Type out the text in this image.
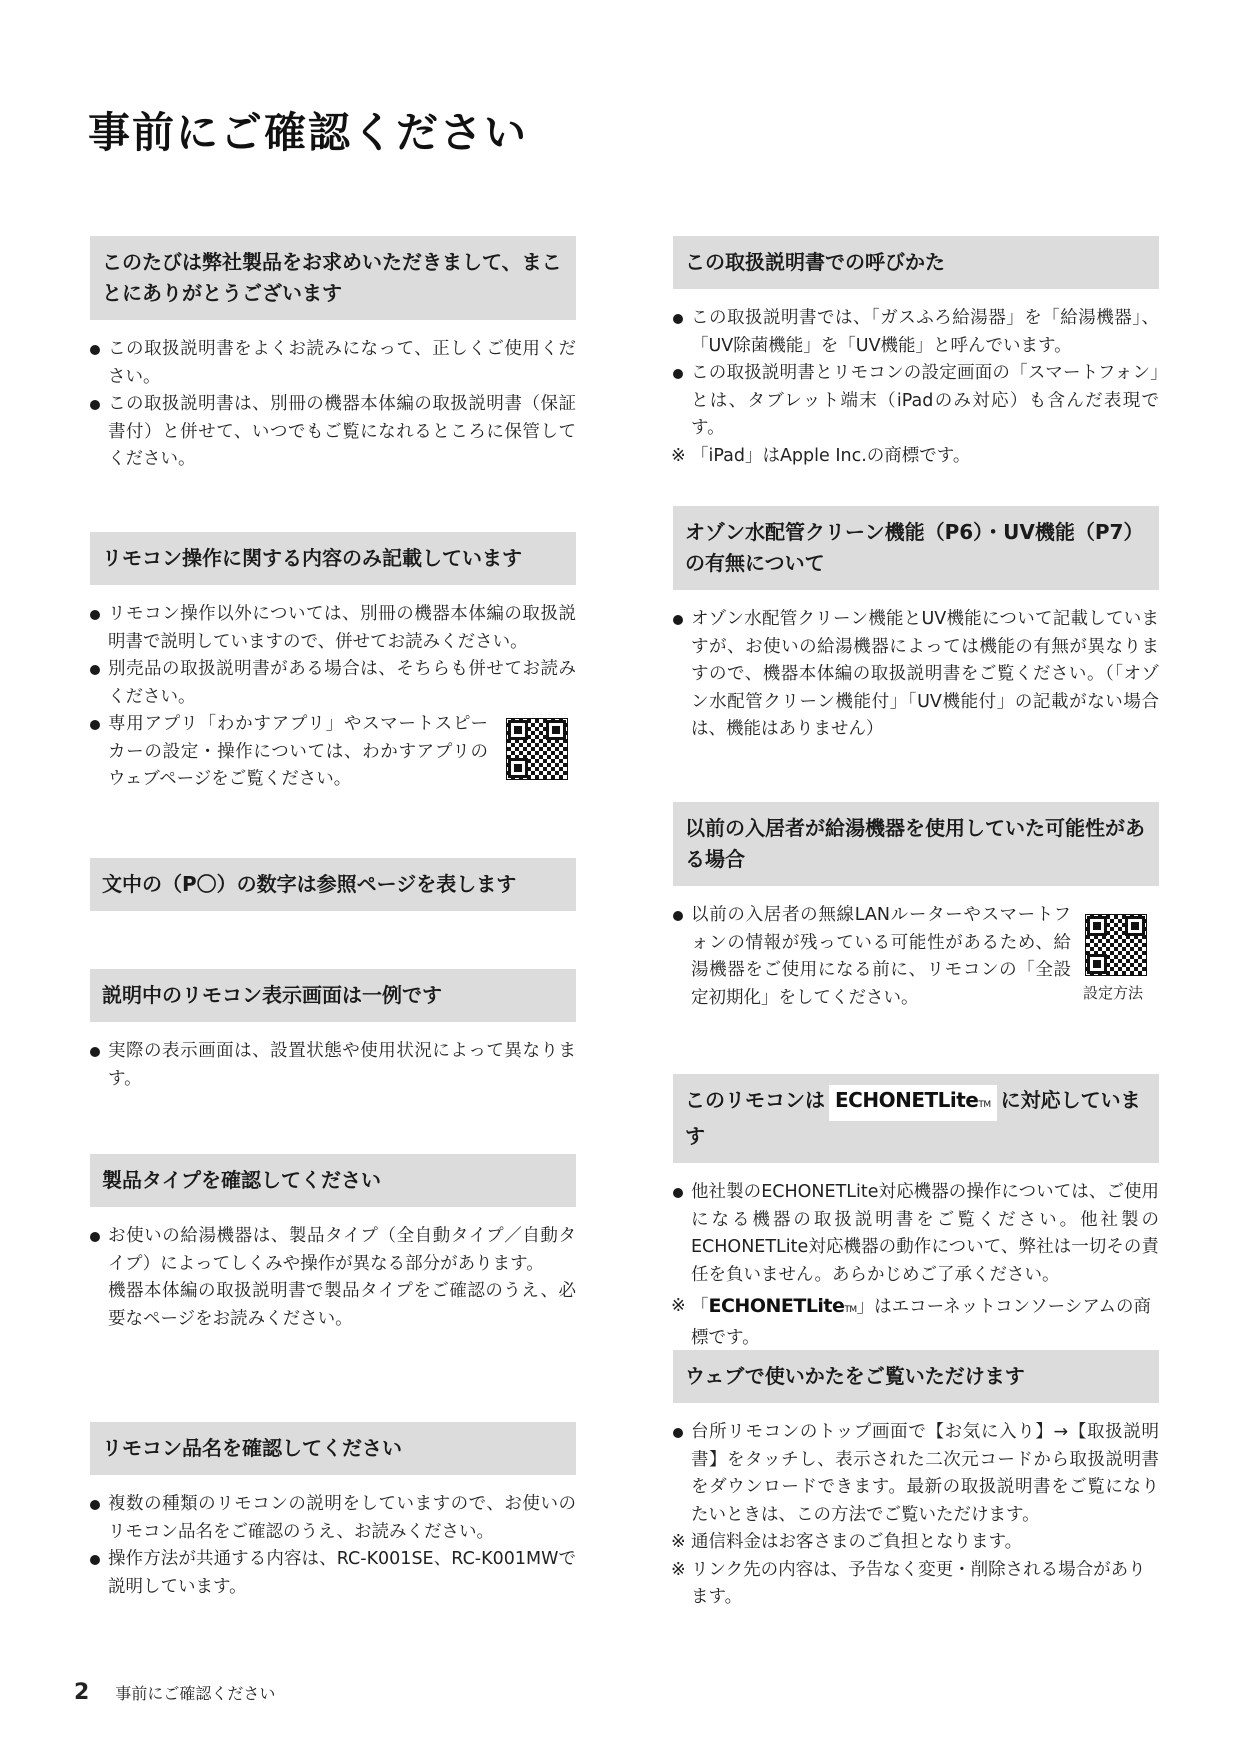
事前にご確認ください
このたびは弊社製品をお求めいただきまして、まことにありがとうございます
この取扱説明書をよくお読みになって、正しくご使用ください。
この取扱説明書は、別冊の機器本体編の取扱説明書（保証書付）と併せて、いつでもご覧になれるところに保管してください。
リモコン操作に関する内容のみ記載しています
リモコン操作以外については、別冊の機器本体編の取扱説明書で説明していますので、併せてお読みください。
別売品の取扱説明書がある場合は、そちらも併せてお読みください。
専用アプリ「わかすアプリ」やスマートスピーカーの設定・操作については、わかすアプリのウェブページをご覧ください。
文中の（P〇）の数字は参照ページを表します
説明中のリモコン表示画面は一例です
実際の表示画面は、設置状態や使用状況によって異なります。
製品タイプを確認してください
お使いの給湯機器は、製品タイプ（全自動タイプ／自動タイプ）によってしくみや操作が異なる部分があります。
機器本体編の取扱説明書で製品タイプをご確認のうえ、必要なページをお読みください。
リモコン品名を確認してください
複数の種類のリモコンの説明をしていますので、お使いのリモコン品名をご確認のうえ、お読みください。
操作方法が共通する内容は、RC-K001SE、RC-K001MWで説明しています。
この取扱説明書での呼びかた
この取扱説明書では、「ガスふろ給湯器」を「給湯機器」、「UV除菌機能」を「UV機能」と呼んでいます。
この取扱説明書とリモコンの設定画面の「スマートフォン」とは、タブレット端末（iPadのみ対応）も含んだ表現です。
※ 「iPad」はApple Inc.の商標です。
オゾン水配管クリーン機能（P6）・UV機能（P7）の有無について
オゾン水配管クリーン機能とUV機能について記載していますが、お使いの給湯機器によっては機能の有無が異なりますので、機器本体編の取扱説明書をご覧ください。（「オゾン水配管クリーン機能付」「UV機能付」の記載がない場合は、機能はありません）
以前の入居者が給湯機器を使用していた可能性がある場合
以前の入居者の無線LANルーターやスマートフォンの情報が残っている可能性があるため、給湯機器をご使用になる前に、リモコンの「全設定初期化」をしてください。	設定方法
このリモコンは ECHONETLiteTM に対応しています
他社製のECHONETLite対応機器の操作については、ご使用になる機器の取扱説明書をご覧ください。他社製のECHONETLite対応機器の動作について、弊社は一切その責任を負いません。あらかじめご了承ください。
※ 「ECHONETLiteTM」はエコーネットコンソーシアムの商標です。
ウェブで使いかたをご覧いただけます
台所リモコンのトップ画面で【お気に入り】→【取扱説明書】をタッチし、表示された二次元コードから取扱説明書をダウンロードできます。最新の取扱説明書をご覧になりたいときは、この方法でご覧いただけます。
※ 通信料金はお客さまのご負担となります。
※ リンク先の内容は、予告なく変更・削除される場合があります。
2 事前にご確認ください
